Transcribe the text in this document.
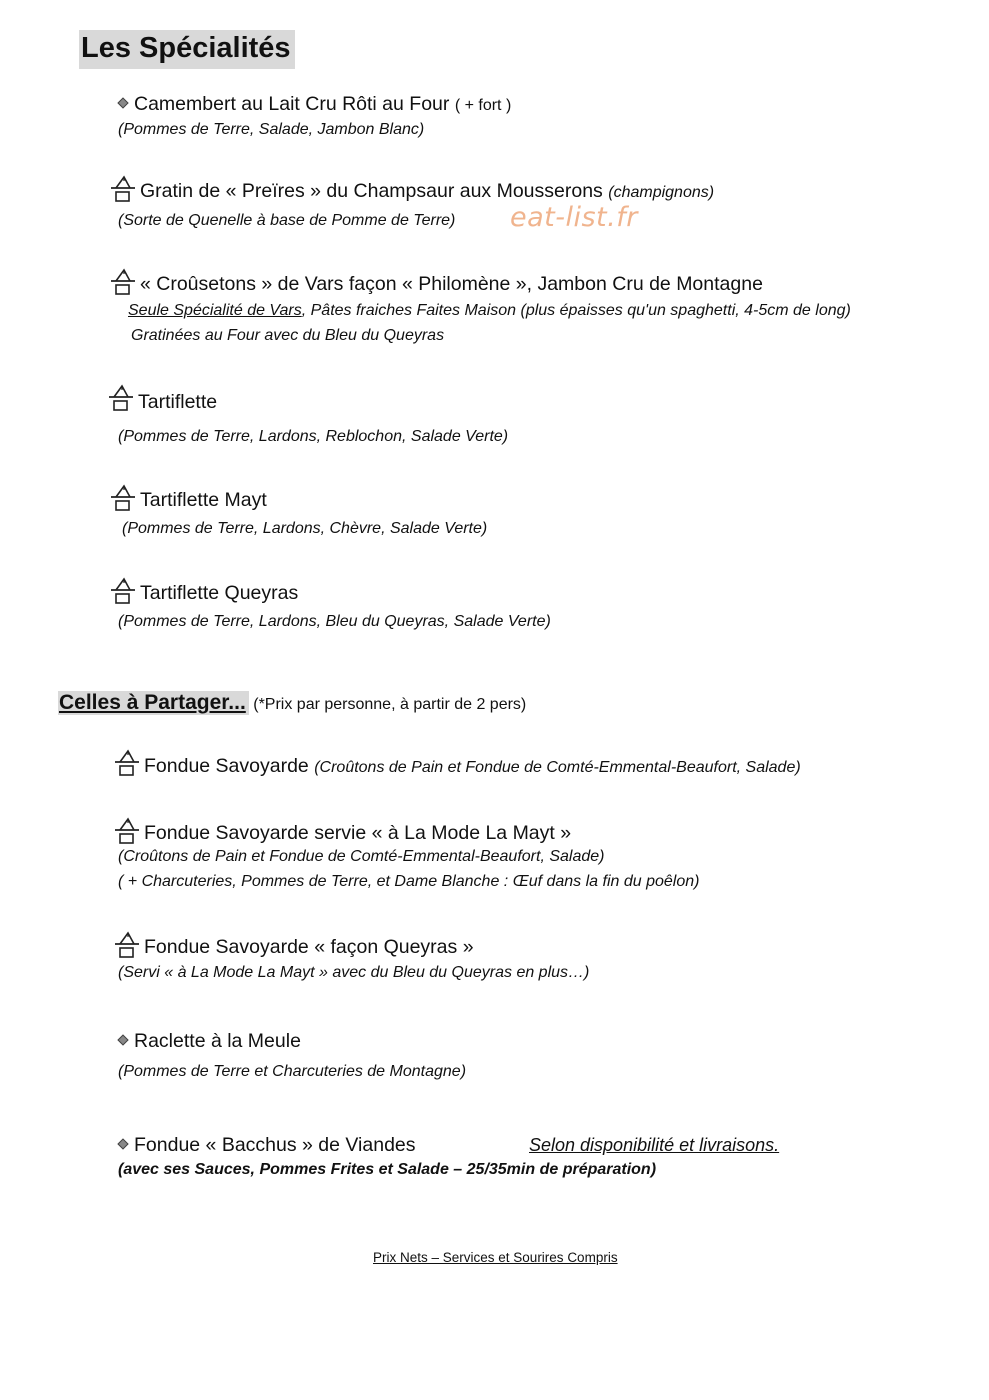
Les Spécialités
Camembert au Lait Cru Rôti au Four ( + fort )
(Pommes de Terre, Salade, Jambon Blanc)
Gratin de « Preïres » du Champsaur aux Mousserons (champignons)
(Sorte de Quenelle à base de Pomme de Terre) eat-list.fr
« Croûsetons » de Vars façon « Philomène », Jambon Cru de Montagne
Seule Spécialité de Vars, Pâtes fraiches Faites Maison (plus épaisses qu'un spaghetti, 4-5cm de long)
Gratinées au Four avec du Bleu du Queyras
Tartiflette
(Pommes de Terre, Lardons, Reblochon, Salade Verte)
Tartiflette Mayt
(Pommes de Terre, Lardons, Chèvre, Salade Verte)
Tartiflette Queyras
(Pommes de Terre, Lardons, Bleu du Queyras, Salade Verte)
Celles à Partager... (*Prix par personne, à partir de 2 pers)
Fondue Savoyarde (Croûtons de Pain et Fondue de Comté-Emmental-Beaufort, Salade)
Fondue Savoyarde servie « à La Mode La Mayt »
(Croûtons de Pain et Fondue de Comté-Emmental-Beaufort, Salade)
( + Charcuteries, Pommes de Terre, et Dame Blanche : Œuf dans la fin du poêlon)
Fondue Savoyarde « façon Queyras »
(Servi « à La Mode La Mayt » avec du Bleu du Queyras en plus…)
Raclette à la Meule
(Pommes de Terre et Charcuteries de Montagne)
Fondue « Bacchus » de Viandes	Selon disponibilité et livraisons.
(avec ses Sauces, Pommes Frites et Salade – 25/35min de préparation)
Prix Nets – Services et Sourires Compris
